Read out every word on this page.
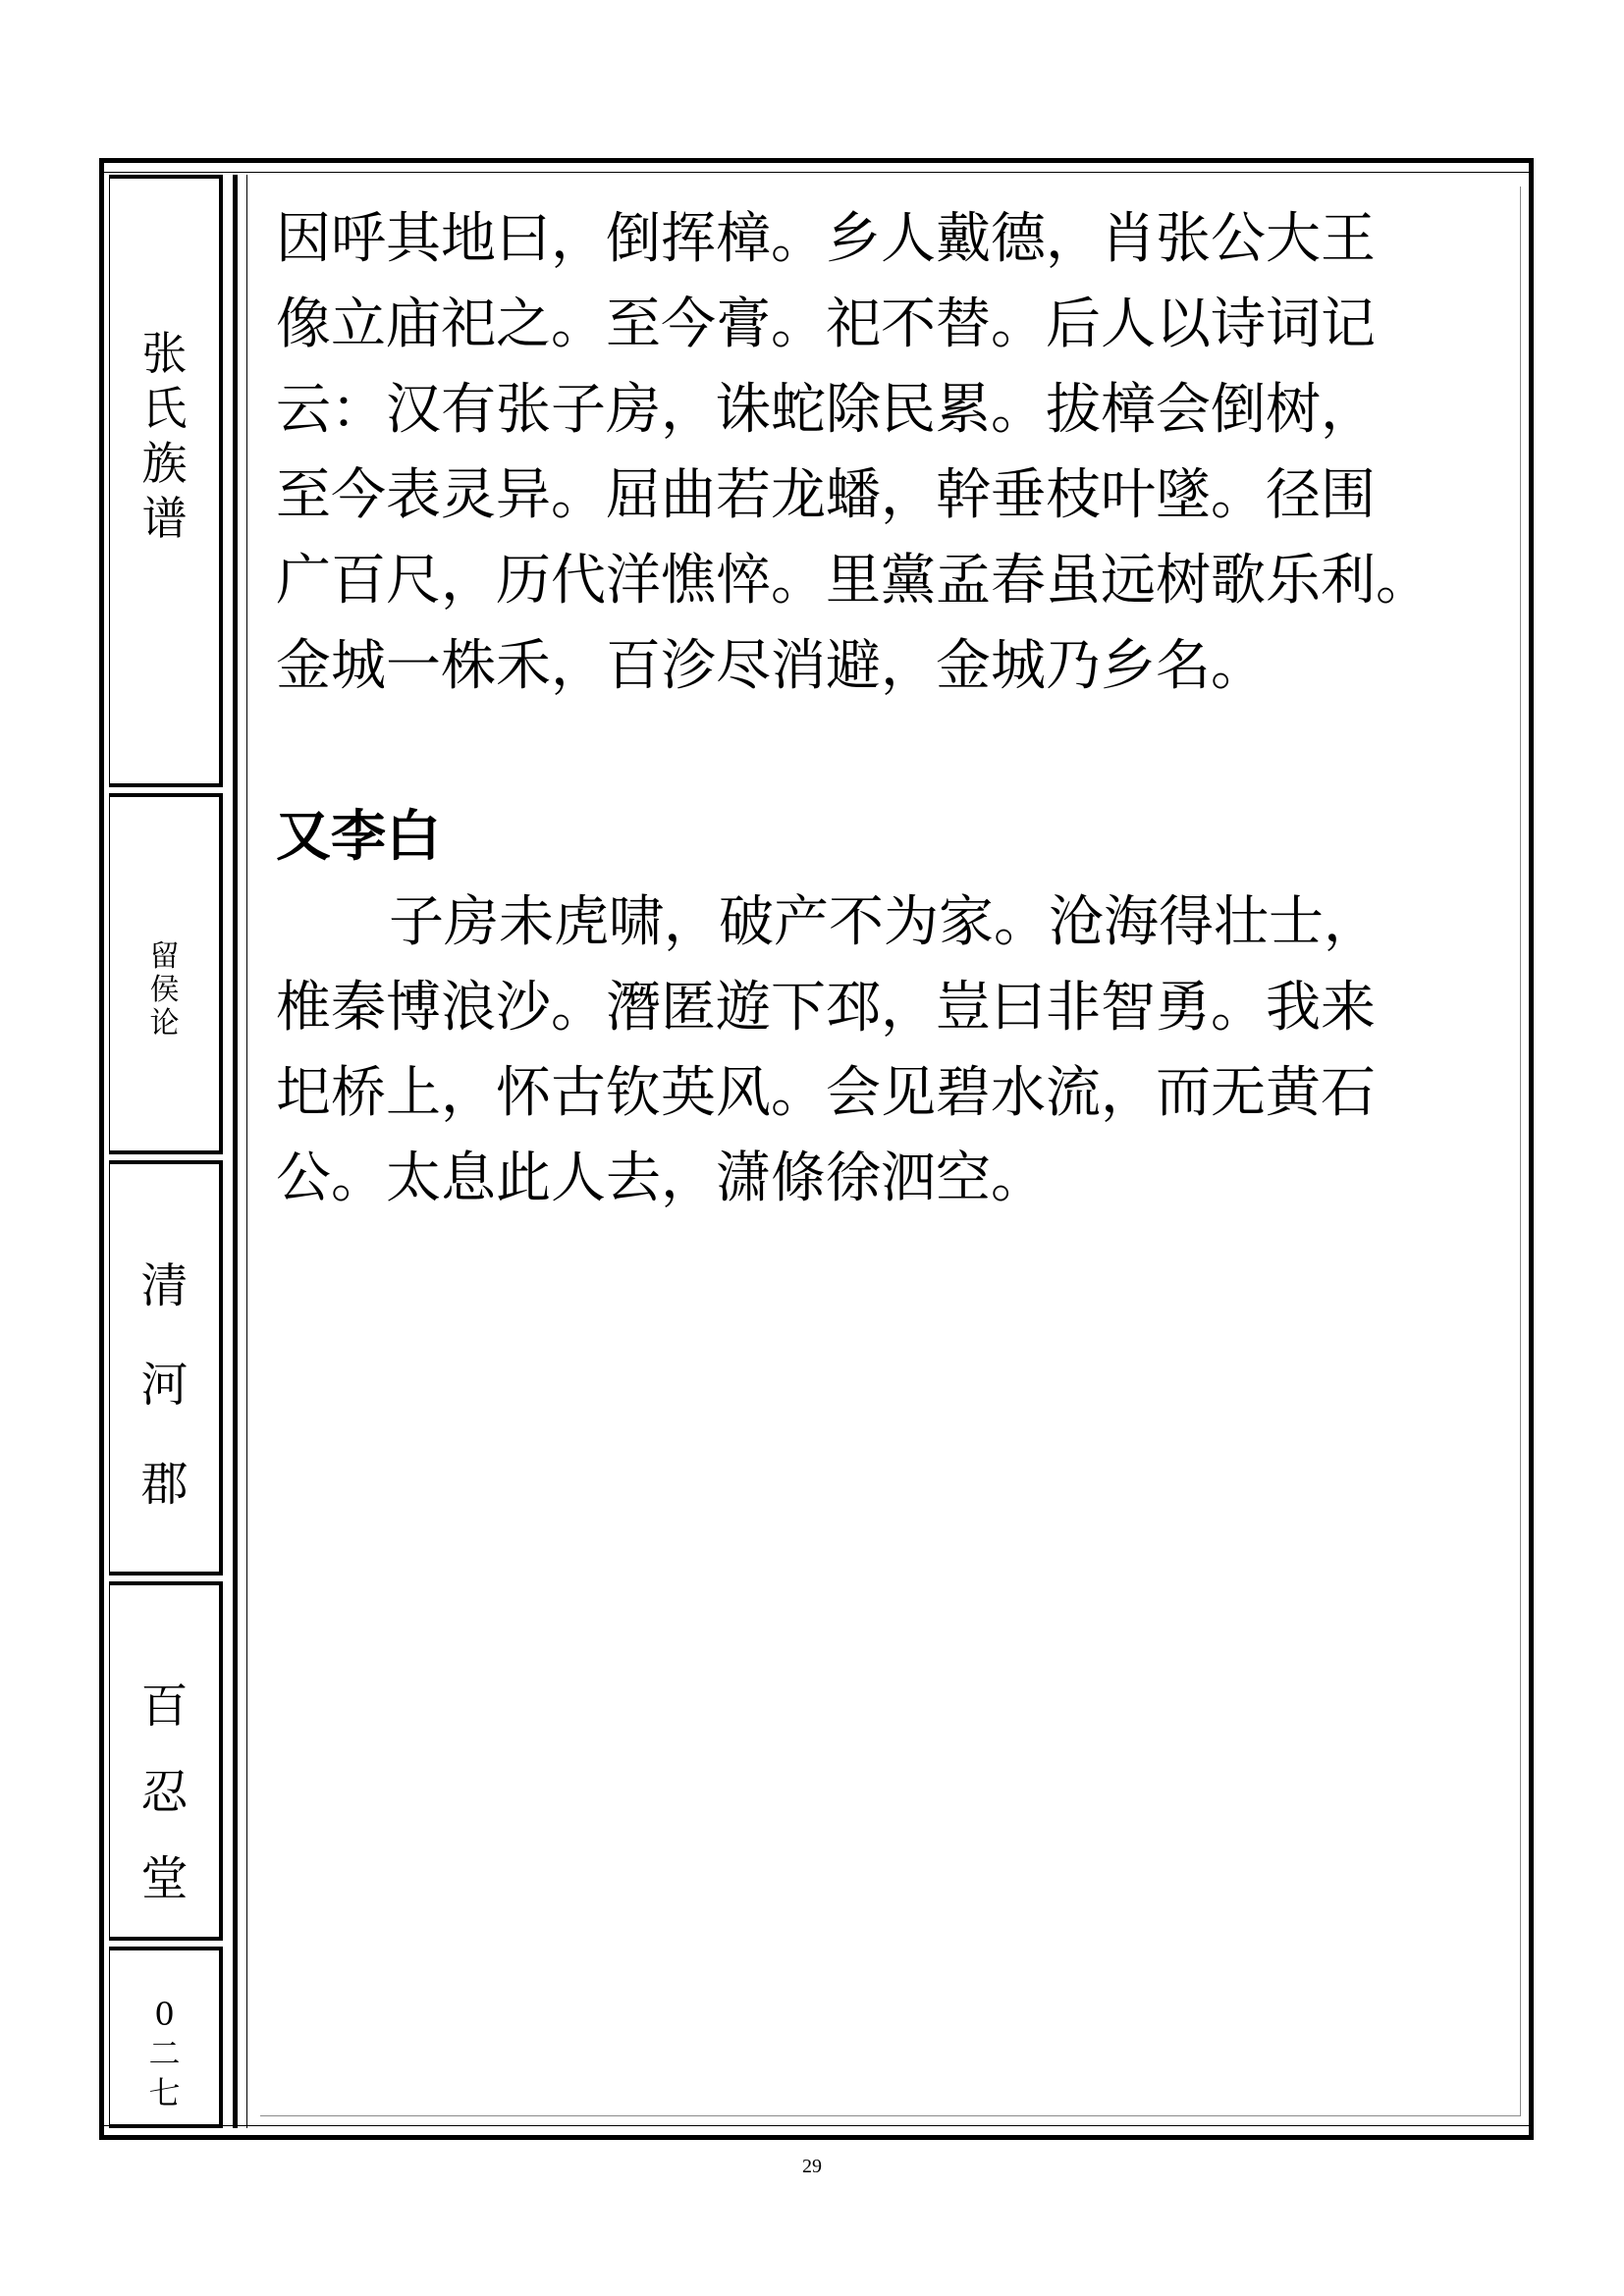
张
氏
族
谱
留
侯
论
清
河
郡
百
忍
堂
0
二
七
因呼其地曰，倒挥樟。乡人戴德，肖张公大王
像立庙祀之。至今膏。祀不替。后人以诗词记
云：汉有张子房，诛蛇除民累。拔樟会倒树，
至今表灵异。屈曲若龙蟠，幹垂枝叶墜。径围
广百尺，历代洋憔悴。里黨孟春虽远树歌乐利。
金城一株禾，百沴尽消避，金城乃乡名。
又李白
子房未虎啸，破产不为家。沧海得壮士，
椎秦博浪沙。潛匿遊下邳，豈曰非智勇。我来
圯桥上，怀古钦英风。会见碧水流，而无黄石
公。太息此人去，潇條徐泗空。
29
